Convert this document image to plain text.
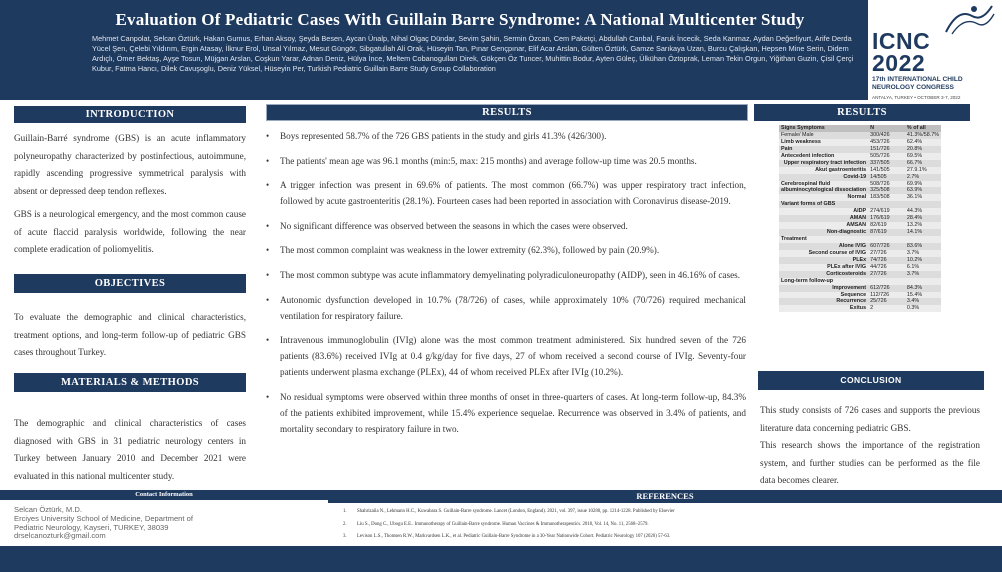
Evaluation Of Pediatric Cases With Guillain Barre Syndrome: A National Multicenter Study
Mehmet Canpolat, Selcan Öztürk, Hakan Gumus, Erhan Aksoy, Şeyda Besen, Aycan Ünalp, Nihal Olgaç Dündar, Sevim Şahin, Sermin Özcan, Cem Paketçi, Abdullah Canbal, Faruk İncecik, Seda Kanmaz, Aydan Değerliyurt, Arife Derda Yücel Şen, Çelebi Yıldırım, Ergin Atasay, İlknur Erol, Unsal Yılmaz, Mesut Güngör, Sibgatullah Ali Orak, Hüseyin Tan, Pınar Gençpınar, Elif Acar Arslan, Gülten Öztürk, Gamze Sarıkaya Uzan, Burcu Çalışkan, Hepsen Mine Serin, Didem Ardıçlı, Ömer Bektaş, Ayşe Tosun, Müjgan Arslan, Coşkun Yarar, Adnan Deniz, Hülya İnce, Meltem Cobanogulları Direk, Gökçen Öz Tuncer, Muhittin Bodur, Ayten Güleç, Ülkühan Öztoprak, Leman Tekin Orgun, Yiğithan Guzin, Çisil Çerçi Kubur, Fatma Hancı, Dilek Cavuşoglu, Deniz Yüksel, Hüseyin Per, Turkish Pediatric Guillain Barre Study Group Collaboration
ICNC
2022
17th INTERNATIONAL CHILD
NEUROLOGY CONGRESS
ANTALYA, TURKEY • OCTOBER 3-7, 2022
INTRODUCTION

Guillain-Barré syndrome (GBS) is an acute inflammatory polyneuropathy characterized by postinfectious, autoimmune, rapidly ascending progressive symmetrical paralysis with absent or depressed deep tendon reflexes.

GBS is a neurological emergency, and the most common cause of acute flaccid paralysis worldwide, following the near complete eradication of poliomyelitis.

OBJECTIVES

To evaluate the demographic and clinical characteristics, treatment options, and long-term follow-up of pediatric GBS cases throughout Turkey.

MATERIALS & METHODS

The demographic and clinical characteristics of cases diagnosed with GBS in 31 pediatric neurology centers in Turkey between January 2010 and December 2021 were evaluated in this national multicenter study.

RESULTS
• Boys represented 58.7% of the 726 GBS patients in the study and girls 41.3% (426/300).
• The patients' mean age was 96.1 months (min:5, max: 215 months) and average follow-up time was 20.5 months.
• A trigger infection was present in 69.6% of patients. The most common (66.7%) was upper respiratory tract infection, followed by acute gastroenteritis (28.1%). Fourteen cases had been reported in association with Coronavirus disease-2019.
• No significant difference was observed between the seasons in which the cases were observed.
• The most common complaint was weakness in the lower extremity (62.3%), followed by pain (20.9%).
• The most common subtype was acute inflammatory demyelinating polyradiculoneuropathy (AIDP), seen in 46.16% of cases.
• Autonomic dysfunction developed in 10.7% (78/726) of cases, while approximately 10% (70/726) required mechanical ventilation for respiratory failure.
• Intravenous immunoglobulin (IVIg) alone was the most common treatment administered. Six hundred seven of the 726 patients (83.6%) received IVIg at 0.4 g/kg/day for five days, 27 of whom received a second course of IVIg. Seventy-four patients underwent plasma exchange (PLEx), 44 of whom received PLEx after IVIg (10.2%).
• No residual symptoms were observed within three months of onset in three-quarters of cases. At long-term follow-up, 84.3% of the patients exhibited improvement, while 15.4% experience sequelae. Recurrence was observed in 3.4% of patients, and mortality secondary to respiratory failure in two.
RESULTS
Signs Symptoms	N	% of all
Female/ Male	300/426	41.3%/58.7%
Limb weakness	453/726	62.4%
Pain	151/726	20.8%
Antecedent infection	505/726	69.5%
Upper respiratory tract infection	337/505	66.7%
Akut gastroenteritis	141/505	27.9.1%
Covid-19	14/505	2.7%
Cerebrospinal fluid	508/726	69.9%
albuminocytological dissociation	325/508	63.9%
Normal	183/508	36.1%
Variant forms of GBS		
AIDP	274/619	44.3%
AMAN	176/619	28.4%
AMSAN	82/619	13.2%
Non-diagnostic	87/619	14.1%
Treatment		
Alone IVIG	607/726	83.6%
Second course of IVIG	27/726	3.7%
PLEx	74/726	10.2%
PLEx after IVIG	44/726	6.1%
Corticosteroids	27/726	3.7%
Long-term follow-up		
Improvement	612/726	84.3%
Sequence	112/726	15.4%
Recurrence	25/726	3.4%
Exitus	2	0.3%
CONCLUSION

This study consists of 726 cases and supports the previous literature data concerning pediatric GBS.

This research shows the importance of the registration system, and further studies can be performed as the file data becomes clearer.

Contact Information
Selcan Öztürk, M.D.
Erciyes University School of Medicine, Department of
Pediatric Neurology, Kayseri, TURKEY, 38039
drselcanozturk@gmail.com
REFERENCES
1. Shahrizaila N., Lehmann H.C., Kuwabara S. Guillain-Barre syndrome. Lancet (London, England). 2021, vol. 397, issue 10280, pp. 1214-1228. Published by Elsevier
2. Liu S., Dong C., Ubogu E.E.. Immunotherapy of Guillain-Barre syndrome. Human Vaccines & Immunotherapeutics. 2018, Vol. 14, No. 11, 2568–2579.
3. Levison L.S., Thomsen R.W., Markvardsen L.K., et al. Pediatric Guillain-Barre Syndrome in a 30-Year Nationwide Cohort. Pediatric Neurology 107 (2020) 57-63.
